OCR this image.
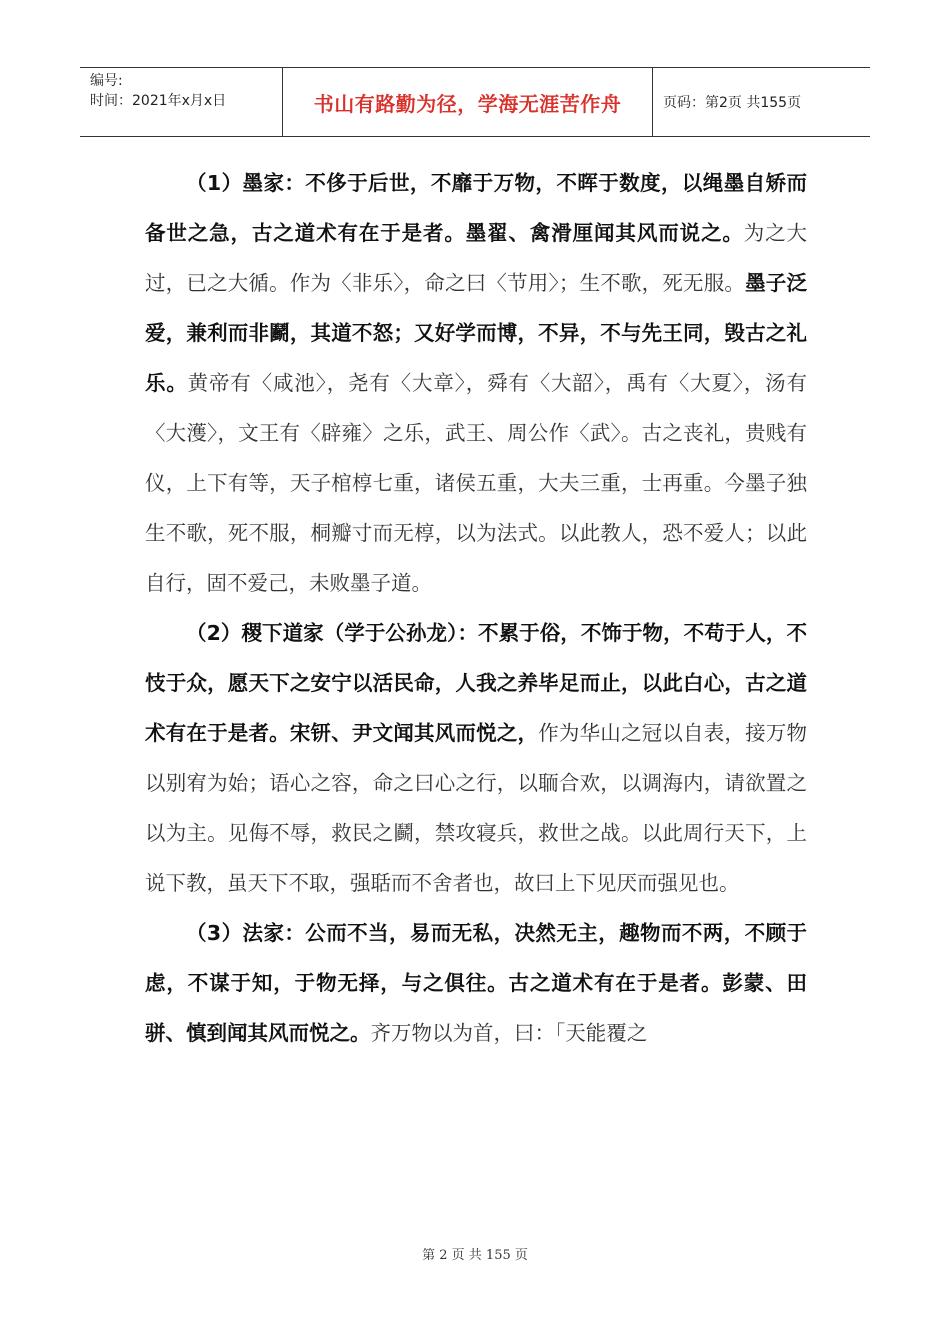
编号:
时间：2021年x月x日	书山有路勤为径，学海无涯苦作舟	页码：第2页 共155页

（1）墨家：不侈于后世，不靡于万物，不晖于数度，以绳墨自矫而备世之急，古之道术有在于是者。墨翟、禽滑厘闻其风而说之。为之大过，已之大循。作为〈非乐〉，命之曰〈节用〉；生不歌，死无服。墨子泛爱，兼利而非鬬，其道不怒；又好学而博，不异，不与先王同，毁古之礼乐。黄帝有〈咸池〉，尧有〈大章〉，舜有〈大韶〉，禹有〈大夏〉，汤有〈大濩〉，文王有〈辟雍〉之乐，武王、周公作〈武〉。古之丧礼，贵贱有仪，上下有等，天子棺椁七重，诸侯五重，大夫三重，士再重。今墨子独生不歌，死不服，桐瓣寸而无椁，以为法式。以此教人，恐不爱人；以此自行，固不爱己，未败墨子道。

（2）稷下道家（学于公孙龙）：不累于俗，不饰于物，不苟于人，不忮于众，愿天下之安宁以活民命，人我之养毕足而止，以此白心，古之道术有在于是者。宋钘、尹文闻其风而悦之，作为华山之冠以自表，接万物以别宥为始；语心之容，命之曰心之行，以聏合欢，以调海内，请欲置之以为主。见侮不辱，救民之鬬，禁攻寝兵，救世之战。以此周行天下，上说下教，虽天下不取，强聒而不舍者也，故曰上下见厌而强见也。

（3）法家：公而不当，易而无私，决然无主，趣物而不两，不顾于虑，不谋于知，于物无择，与之俱往。古之道术有在于是者。彭蒙、田骈、慎到闻其风而悦之。齐万物以为首，曰：「天能覆之

第 2 页 共 155 页
